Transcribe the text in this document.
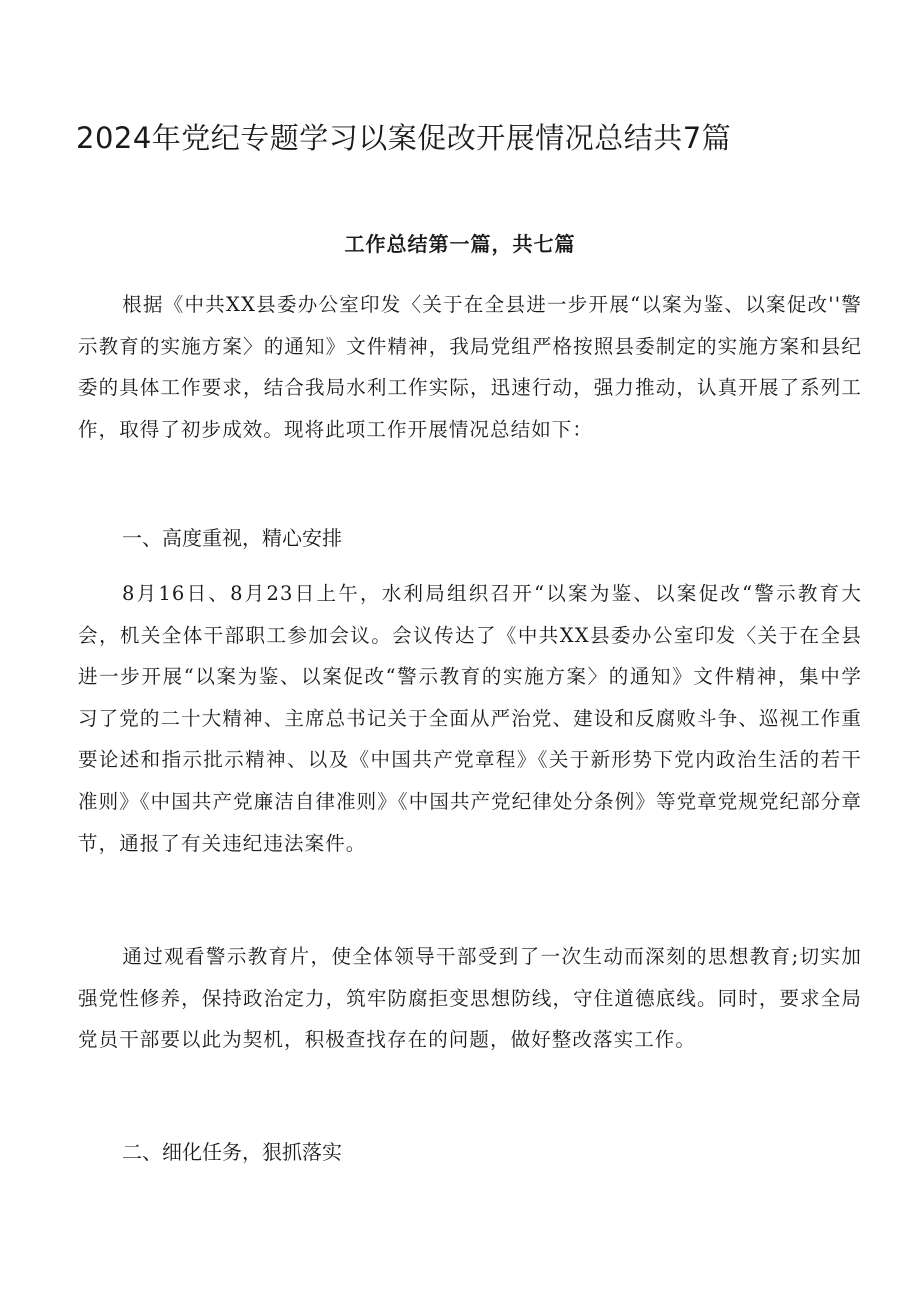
2024年党纪专题学习以案促改开展情况总结共7篇
工作总结第一篇，共七篇

根据《中共XX县委办公室印发〈关于在全县进一步开展“以案为鉴、以案促改''警示教育的实施方案〉的通知》文件精神，我局党组严格按照县委制定的实施方案和县纪委的具体工作要求，结合我局水利工作实际，迅速行动，强力推动，认真开展了系列工作，取得了初步成效。现将此项工作开展情况总结如下：

一、高度重视，精心安排

8月16日、8月23日上午，水利局组织召开“以案为鉴、以案促改“警示教育大会，机关全体干部职工参加会议。会议传达了《中共XX县委办公室印发〈关于在全县进一步开展“以案为鉴、以案促改“警示教育的实施方案〉的通知》文件精神，集中学习了党的二十大精神、主席总书记关于全面从严治党、建设和反腐败斗争、巡视工作重要论述和指示批示精神、以及《中国共产党章程》《关于新形势下党内政治生活的若干准则》《中国共产党廉洁自律准则》《中国共产党纪律处分条例》等党章党规党纪部分章节，通报了有关违纪违法案件。

通过观看警示教育片，使全体领导干部受到了一次生动而深刻的思想教育;切实加强党性修养，保持政治定力，筑牢防腐拒变思想防线，守住道德底线。同时，要求全局党员干部要以此为契机，积极查找存在的问题，做好整改落实工作。

二、细化任务，狠抓落实
